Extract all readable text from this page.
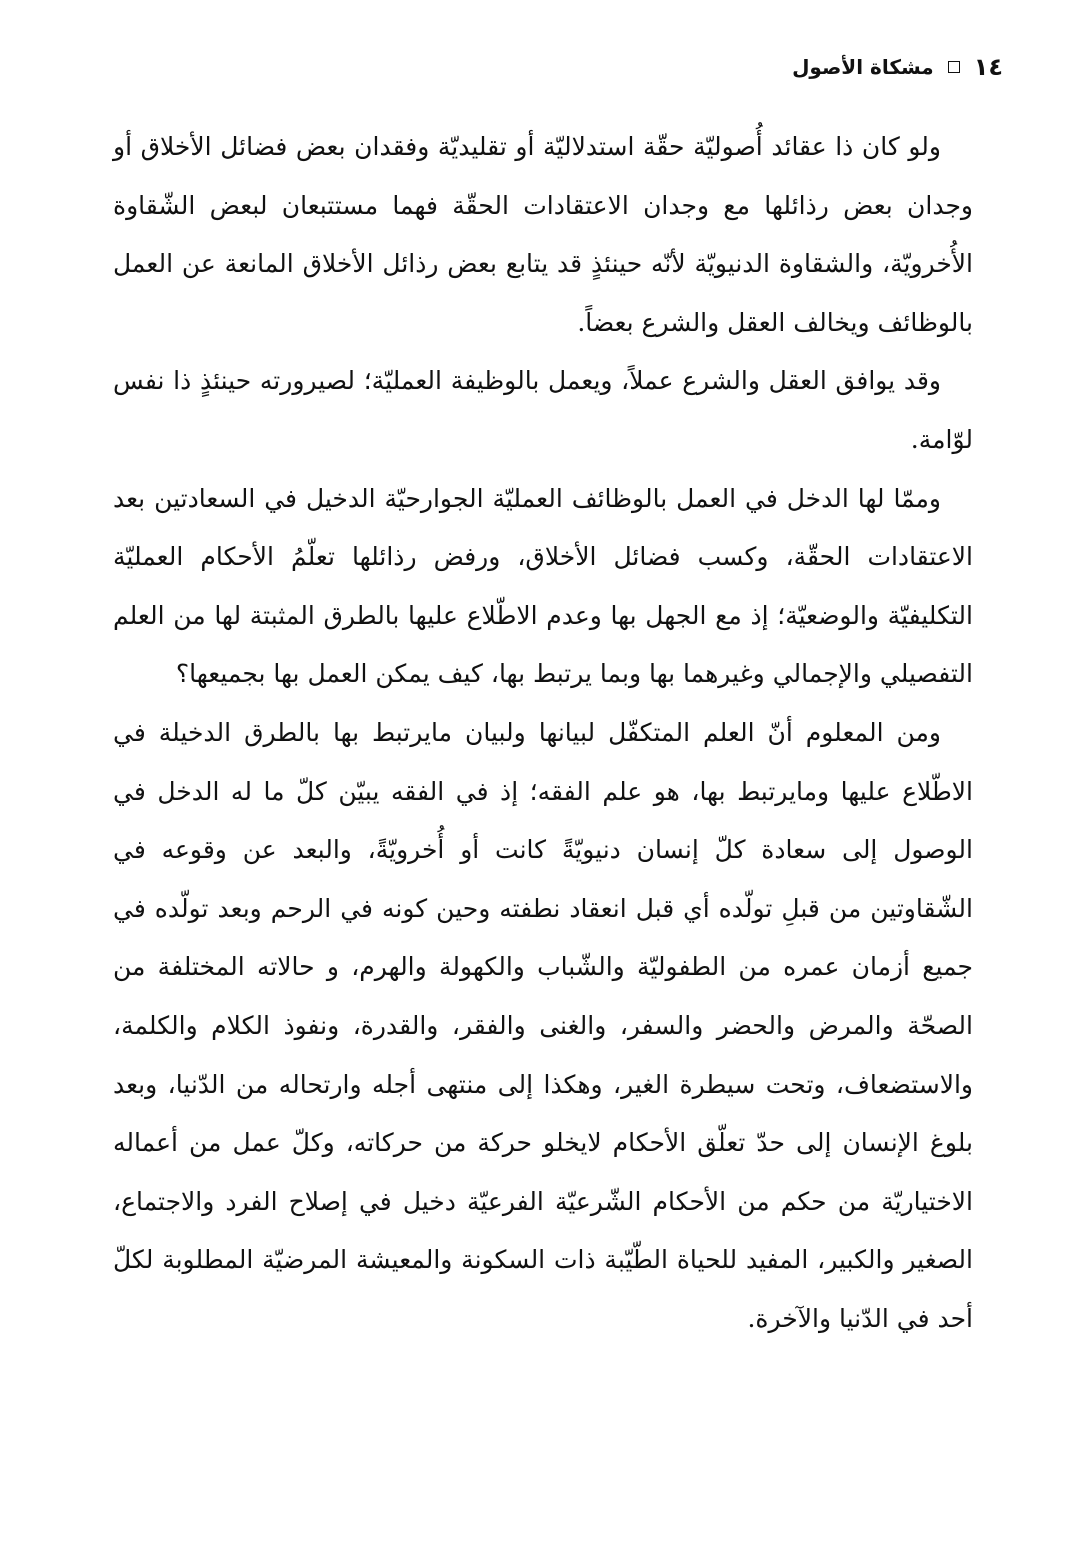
١٤
مشكاة الأصول

ولو كان ذا عقائد أُصوليّة حقّة استدلاليّة أو تقليديّة وفقدان بعض فضائل الأخلاق أو وجدان بعض رذائلها مع وجدان الاعتقادات الحقّة فهما مستتبعان لبعض الشّقاوة الأُخرويّة، والشقاوة الدنيويّة لأنّه حينئذٍ قد يتابع بعض رذائل الأخلاق المانعة عن العمل بالوظائف ويخالف العقل والشرع بعضاً.

وقد يوافق العقل والشرع عملاً، ويعمل بالوظيفة العمليّة؛ لصيرورته حينئذٍ ذا نفس لوّامة.

وممّا لها الدخل في العمل بالوظائف العمليّة الجوارحيّة الدخيل في السعادتين بعد الاعتقادات الحقّة، وكسب فضائل الأخلاق، ورفض رذائلها تعلّمُ الأحكام العمليّة التكليفيّة والوضعيّة؛ إذ مع الجهل بها وعدم الاطّلاع عليها بالطرق المثبتة لها من العلم التفصيلي والإجمالي وغيرهما بها وبما يرتبط بها، كيف يمكن العمل بها بجميعها؟

ومن المعلوم أنّ العلم المتكفّل لبيانها ولبيان مايرتبط بها بالطرق الدخيلة في الاطّلاع عليها ومايرتبط بها، هو علم الفقه؛ إذ في الفقه يبيّن كلّ ما له الدخل في الوصول إلى سعادة كلّ إنسان دنيويّةً كانت أو أُخرويّةً، والبعد عن وقوعه في الشّقاوتين من قبلِ تولّده أي قبل انعقاد نطفته وحين كونه في الرحم وبعد تولّده في جميع أزمان عمره من الطفوليّة والشّباب والكهولة والهرم، و حالاته المختلفة من الصحّة والمرض والحضر والسفر، والغنى والفقر، والقدرة، ونفوذ الكلام والكلمة، والاستضعاف، وتحت سيطرة الغير، وهكذا إلى منتهى أجله وارتحاله من الدّنيا، وبعد بلوغ الإنسان إلى حدّ تعلّق الأحكام لايخلو حركة من حركاته، وكلّ عمل من أعماله الاختياريّة من حكم من الأحكام الشّرعيّة الفرعيّة دخيل في إصلاح الفرد والاجتماع، الصغير والكبير، المفيد للحياة الطّيّبة ذات السكونة والمعيشة المرضيّة المطلوبة لكلّ أحد في الدّنيا والآخرة.
